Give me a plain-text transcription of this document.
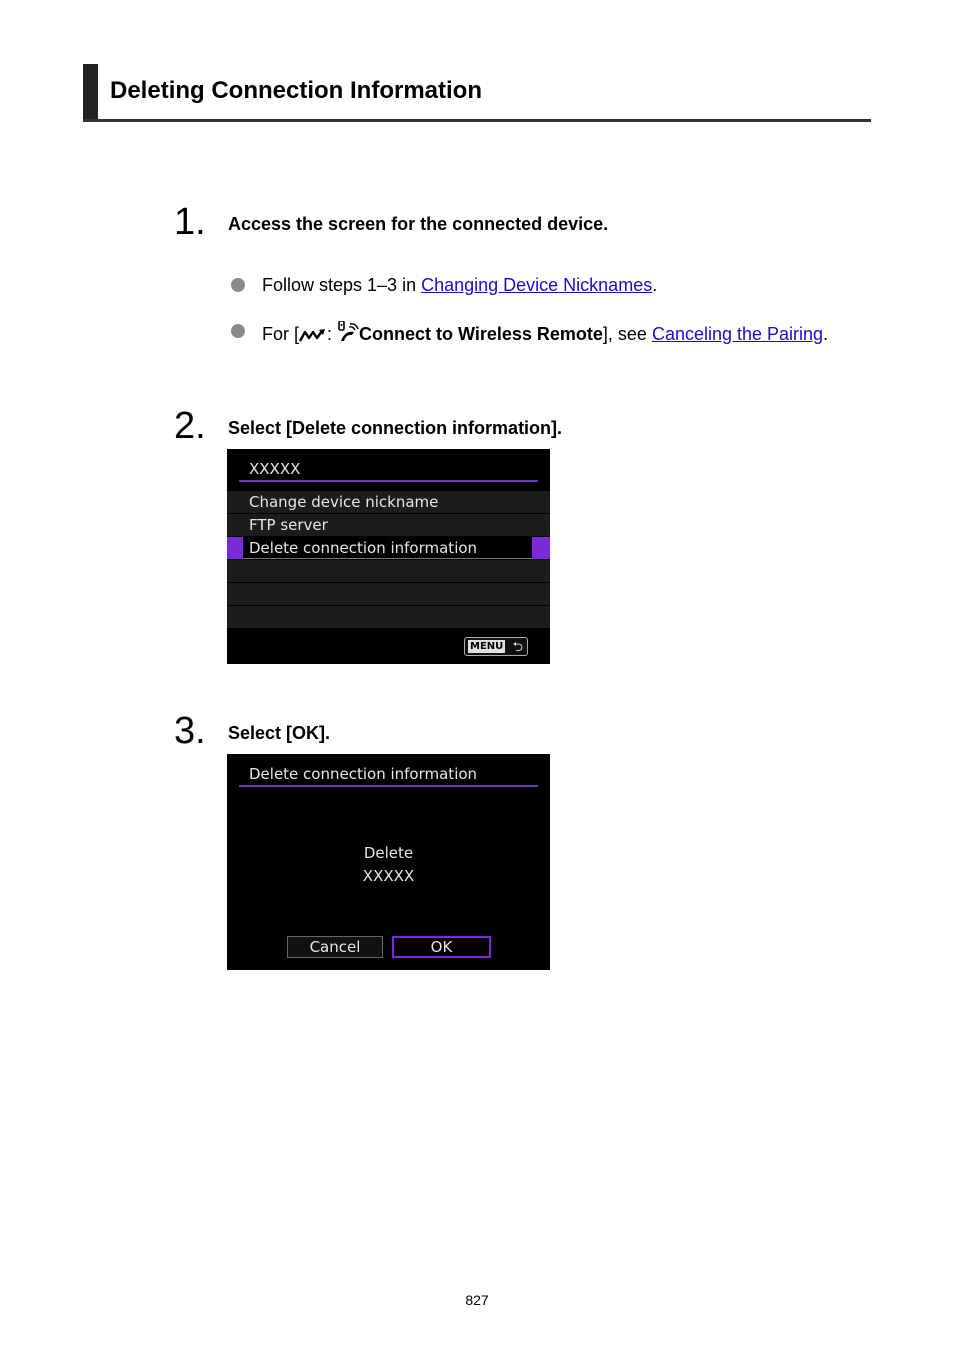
Deleting Connection Information
1. Access the screen for the connected device.
Follow steps 1–3 in Changing Device Nicknames.
For [ : Connect to Wireless Remote], see Canceling the Pairing.
2. Select [Delete connection information].
XXXXX
Change device nickname
FTP server
Delete connection information
MENU ⮌
3. Select [OK].
Delete connection information
Delete
XXXXX
Cancel	OK
827
